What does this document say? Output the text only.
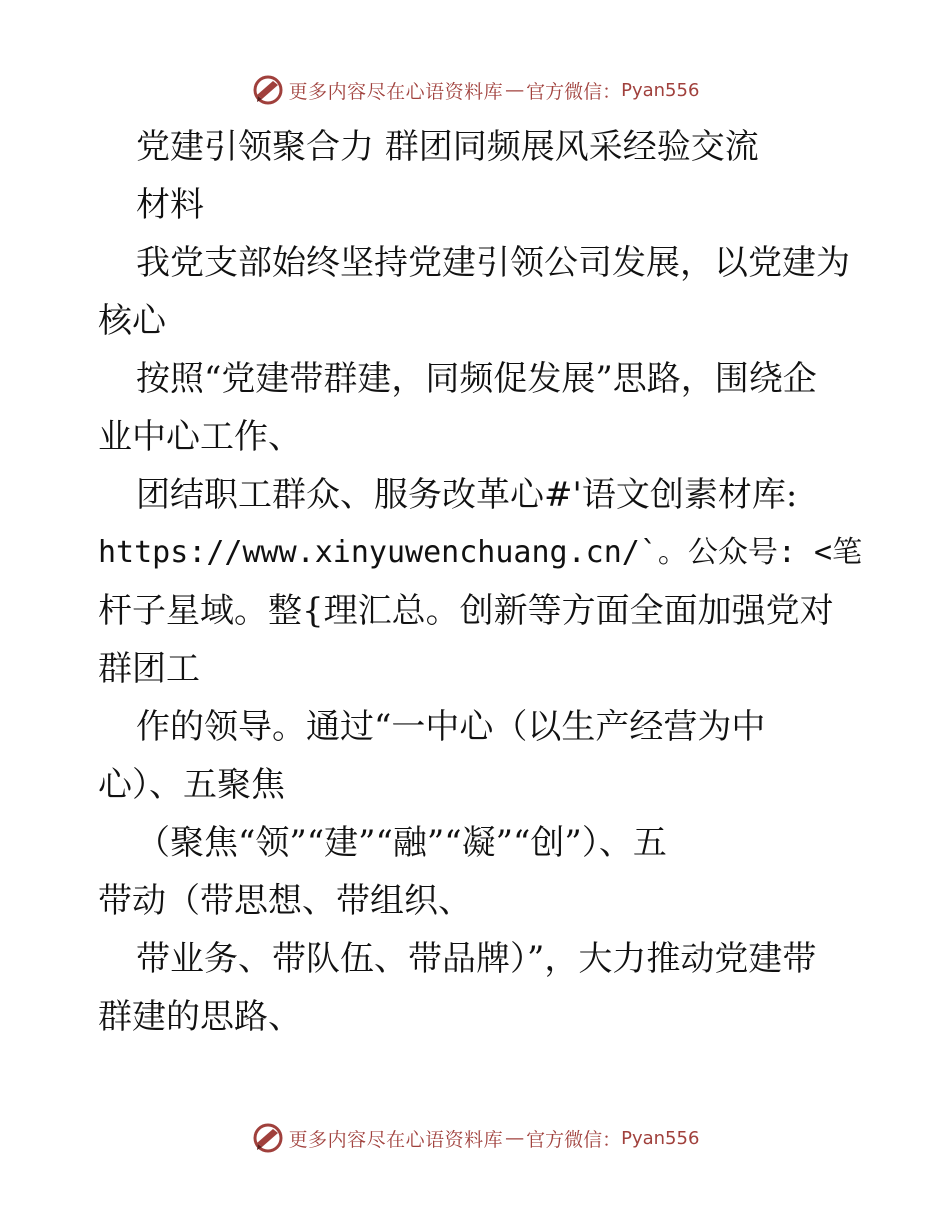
更多内容尽在心语资料库 — 官方微信： Pyan556
党建引领聚合力 群团同频展风采经验交流
材料
我党支部始终坚持党建引领公司发展，以党建为
核心
按照“党建带群建，同频促发展”思路，围绕企
业中心工作、
团结职工群众、服务改革心#'语文创素材库:
https://www.xinyuwenchuang.cn/`。公众号: <笔
杆子星域。整{理汇总。创新等方面全面加强党对
群团工
作的领导。通过“一中心（以生产经营为中
心）、五聚焦
（聚焦“领”“建”“融”“凝”“创”）、五
带动（带思想、带组织、
带业务、带队伍、带品牌）”，大力推动党建带
群建的思路、
更多内容尽在心语资料库 — 官方微信： Pyan556
